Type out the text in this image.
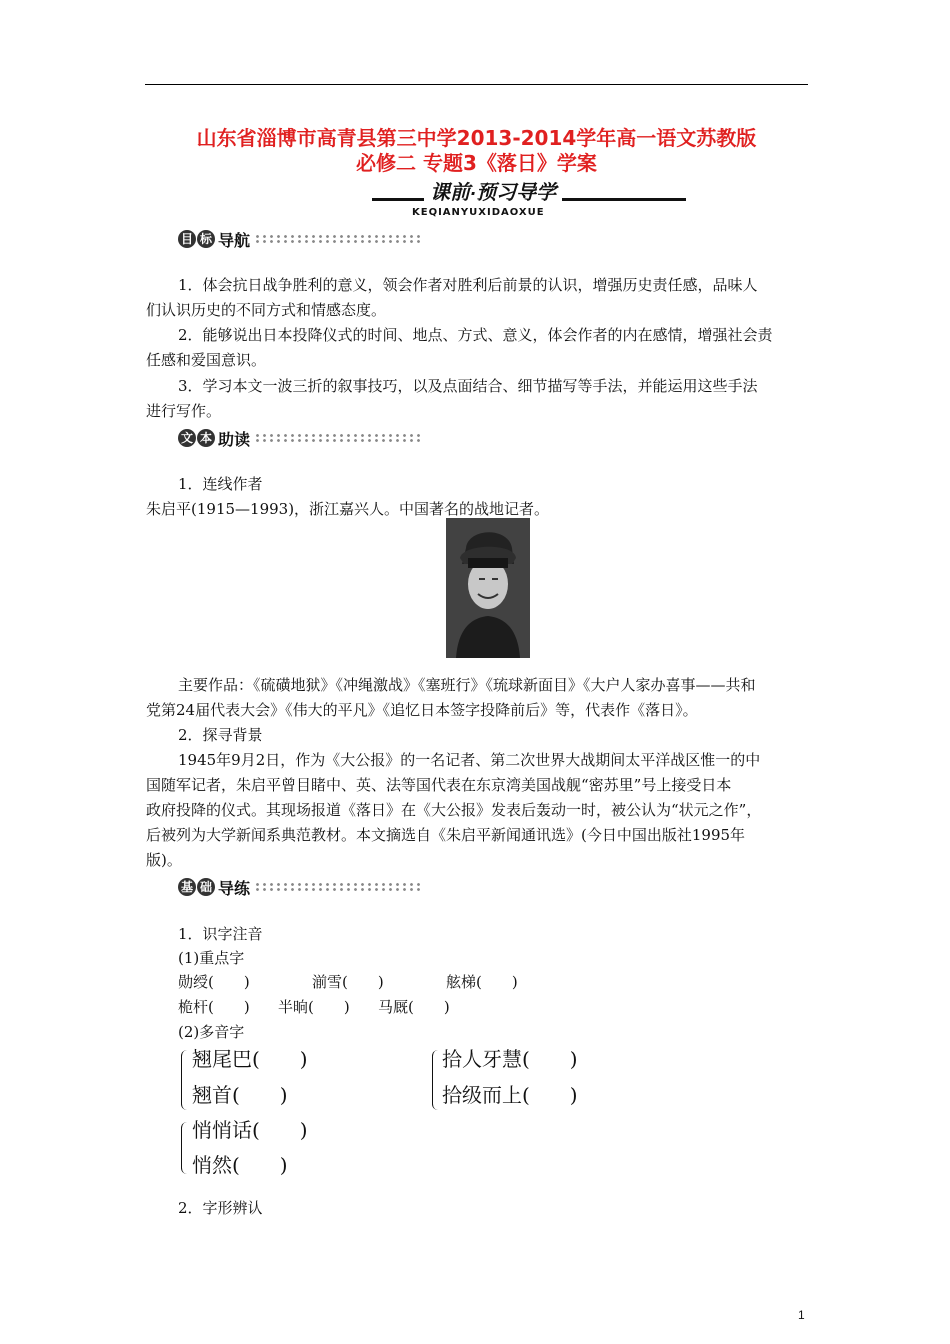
山东省淄博市高青县第三中学2013-2014学年高一语文苏教版
必修二 专题3《落日》学案
课前·预习导学
KEQIANYUXIDAOXUE
目 标 导航
1．体会抗日战争胜利的意义，领会作者对胜利后前景的认识，增强历史责任感，品味人
们认识历史的不同方式和情感态度。
2．能够说出日本投降仪式的时间、地点、方式、意义，体会作者的内在感情，增强社会责
任感和爱国意识。
3．学习本文一波三折的叙事技巧，以及点面结合、细节描写等手法，并能运用这些手法
进行写作。
文 本 助读
1．连线作者
朱启平(1915—1993)，浙江嘉兴人。中国著名的战地记者。
主要作品：《硫磺地狱》《冲绳激战》《塞班行》《琉球新面目》《大户人家办喜事——共和
党第24届代表大会》《伟大的平凡》《追忆日本签字投降前后》等，代表作《落日》。
2．探寻背景
1945年9月2日，作为《大公报》的一名记者、第二次世界大战期间太平洋战区惟一的中
国随军记者，朱启平曾目睹中、英、法等国代表在东京湾美国战舰“密苏里”号上接受日本
政府投降的仪式。其现场报道《落日》在《大公报》发表后轰动一时，被公认为“状元之作”，
后被列为大学新闻系典范教材。本文摘选自《朱启平新闻通讯选》(今日中国出版社1995年
版)。
基 础 导练
1．识字注音
(1)重点字
勋绶(　　)	湔雪(　　)	舷梯(　　)
桅杆(　　) 半晌(　　) 马厩(　　)
(2)多音字
翘尾巴(　　)
翘首(　　)
拾人牙慧(　　)
拾级而上(　　)
悄悄话(　　)
悄然(　　)
2．字形辨认
1
